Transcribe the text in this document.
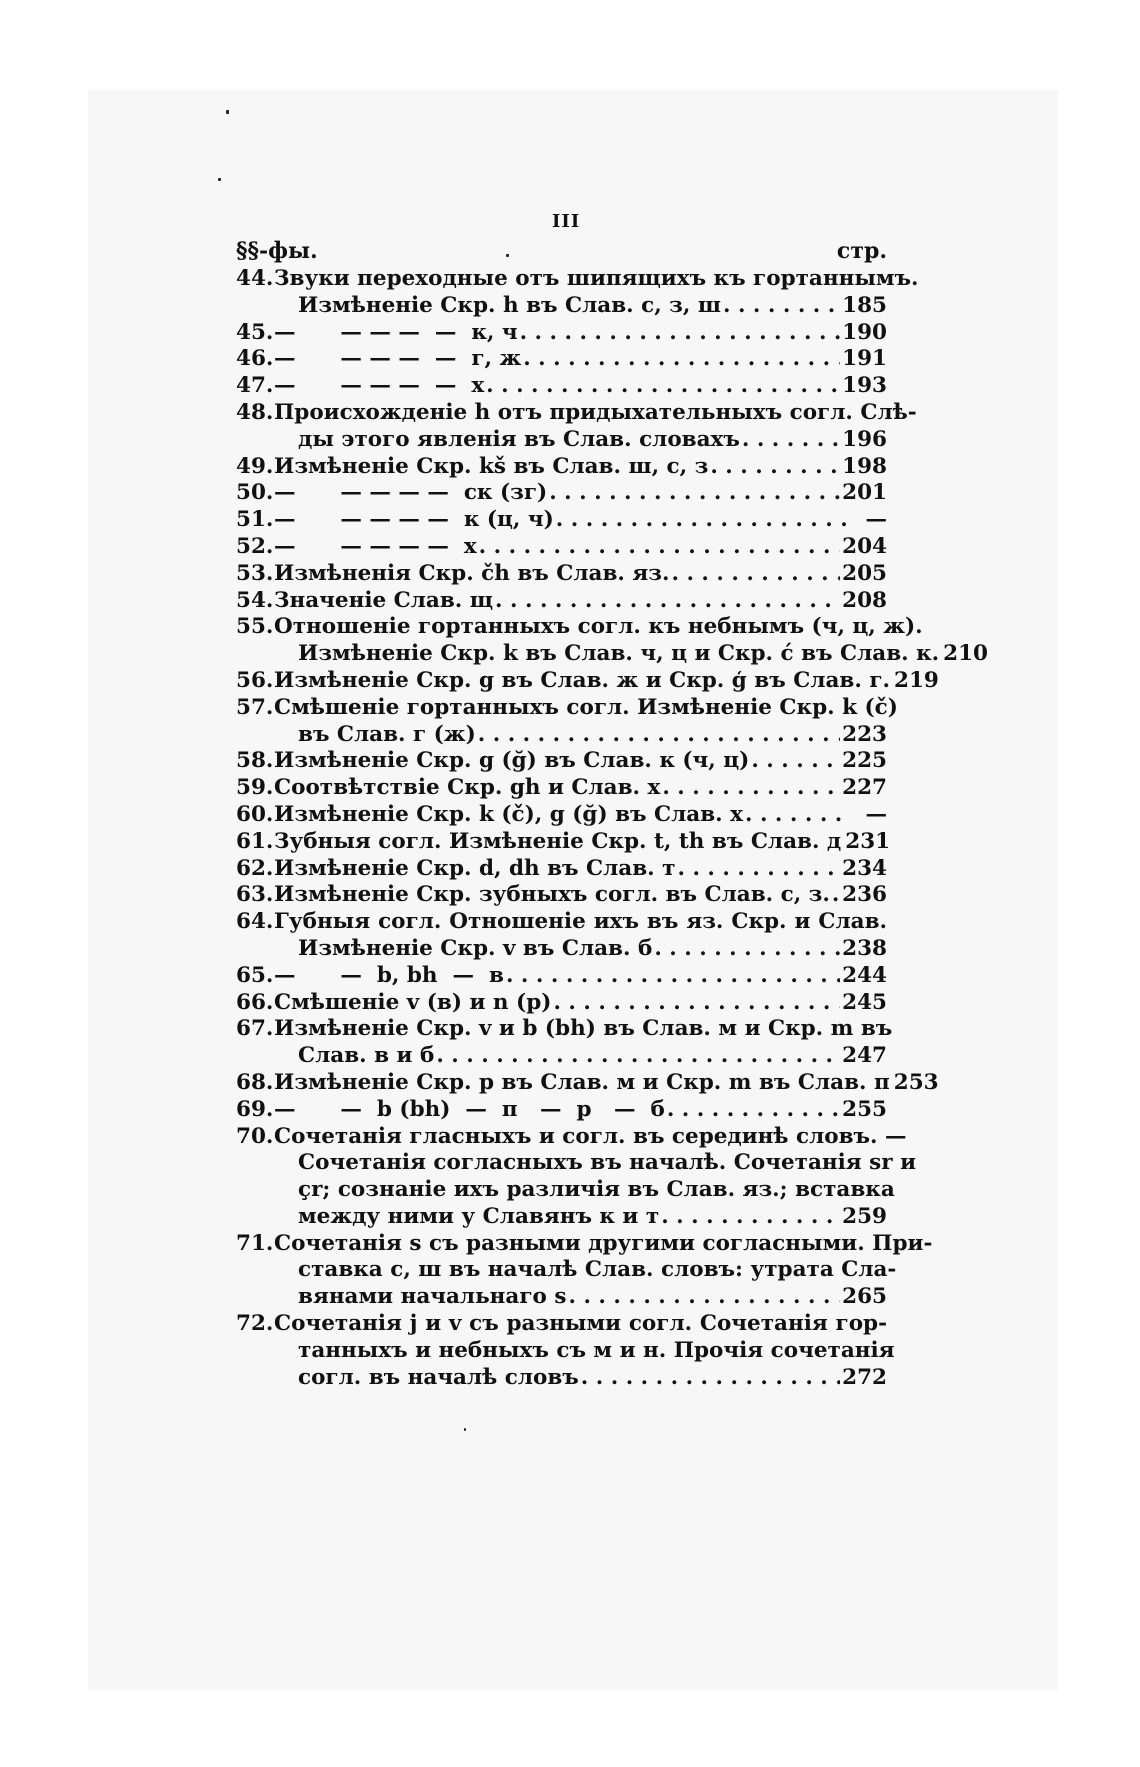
III
§§-фы.	стр.
44. Звуки переходные отъ шипящихъ къ гортаннымъ.
Измѣненіе Скр. h въ Слав. с, з, ш . . .	185
45. —      — — —  —  к, ч . . .	190
46. —      — — —  —  г, ж . . .	191
47. —      — — —  —  х . . .	193
48. Происхожденіе h отъ придыхательныхъ согл. Слѣ-
ды этого явленія въ Слав. словахъ . . .	196
49. Измѣненіе Скр. kš въ Слав. ш, с, з . . .	198
50. —      — — — —  ск (зг) . . .	201
51. —      — — — —  к (ц, ч) . . .	—
52. —      — — — —  х . . .	204
53. Измѣненія Скр. čh въ Слав. яз. . . .	205
54. Значеніе Слав. щ . . .	208
55. Отношеніе гортанныхъ согл. къ небнымъ (ч, ц, ж).
Измѣненіе Скр. k въ Слав. ч, ц и Скр. ć въ Слав. к. 210
56. Измѣненіе Скр. g въ Слав. ж и Скр. ģ въ Слав. г. 219
57. Смѣшеніе гортанныхъ согл. Измѣненіе Скр. k (č)
въ Слав. г (ж) . . .	223
58. Измѣненіе Скр. g (ğ) въ Слав. к (ч, ц) . . .	225
59. Соотвѣтствіе Скр. gh и Слав. х . . .	227
60. Измѣненіе Скр. k (č), g (ğ) въ Слав. х . . .	—
61. Зубныя согл. Измѣненіе Скр. t, th въ Слав. д 231
62. Измѣненіе Скр. d, dh въ Слав. т . . .	234
63. Измѣненіе Скр. зубныхъ согл. въ Слав. с, з. . . . 236
64. Губныя согл. Отношеніе ихъ въ яз. Скр. и Слав.
Измѣненіе Скр. v въ Слав. б . . .	238
65. —      —  b, bh  —  в . . .	244
66. Смѣшеніе v (в) и n (р) . . .	245
67. Измѣненіе Скр. v и b (bh) въ Слав. м и Скр. m въ
Слав. в и б . . .	247
68. Измѣненіе Скр. p въ Слав. м и Скр. m въ Слав. п 253
69. —      —  b (bh)  —  п   —  р   —  б . . .	255
70. Сочетанія гласныхъ и согл. въ серединѣ словъ. —
Сочетанія согласныхъ въ началѣ. Сочетанія sr и
çr; сознаніе ихъ различія въ Слав. яз.; вставка
между ними у Славянъ к и т . . .	259
71. Сочетанія s съ разными другими согласными. При-
ставка с, ш въ началѣ Слав. словъ: утрата Сла-
вянами начальнаго s . . .	265
72. Сочетанія j и v съ разными согл. Сочетанія гор-
танныхъ и небныхъ съ м и н. Прочія сочетанія
согл. въ началѣ словъ . . .	272
